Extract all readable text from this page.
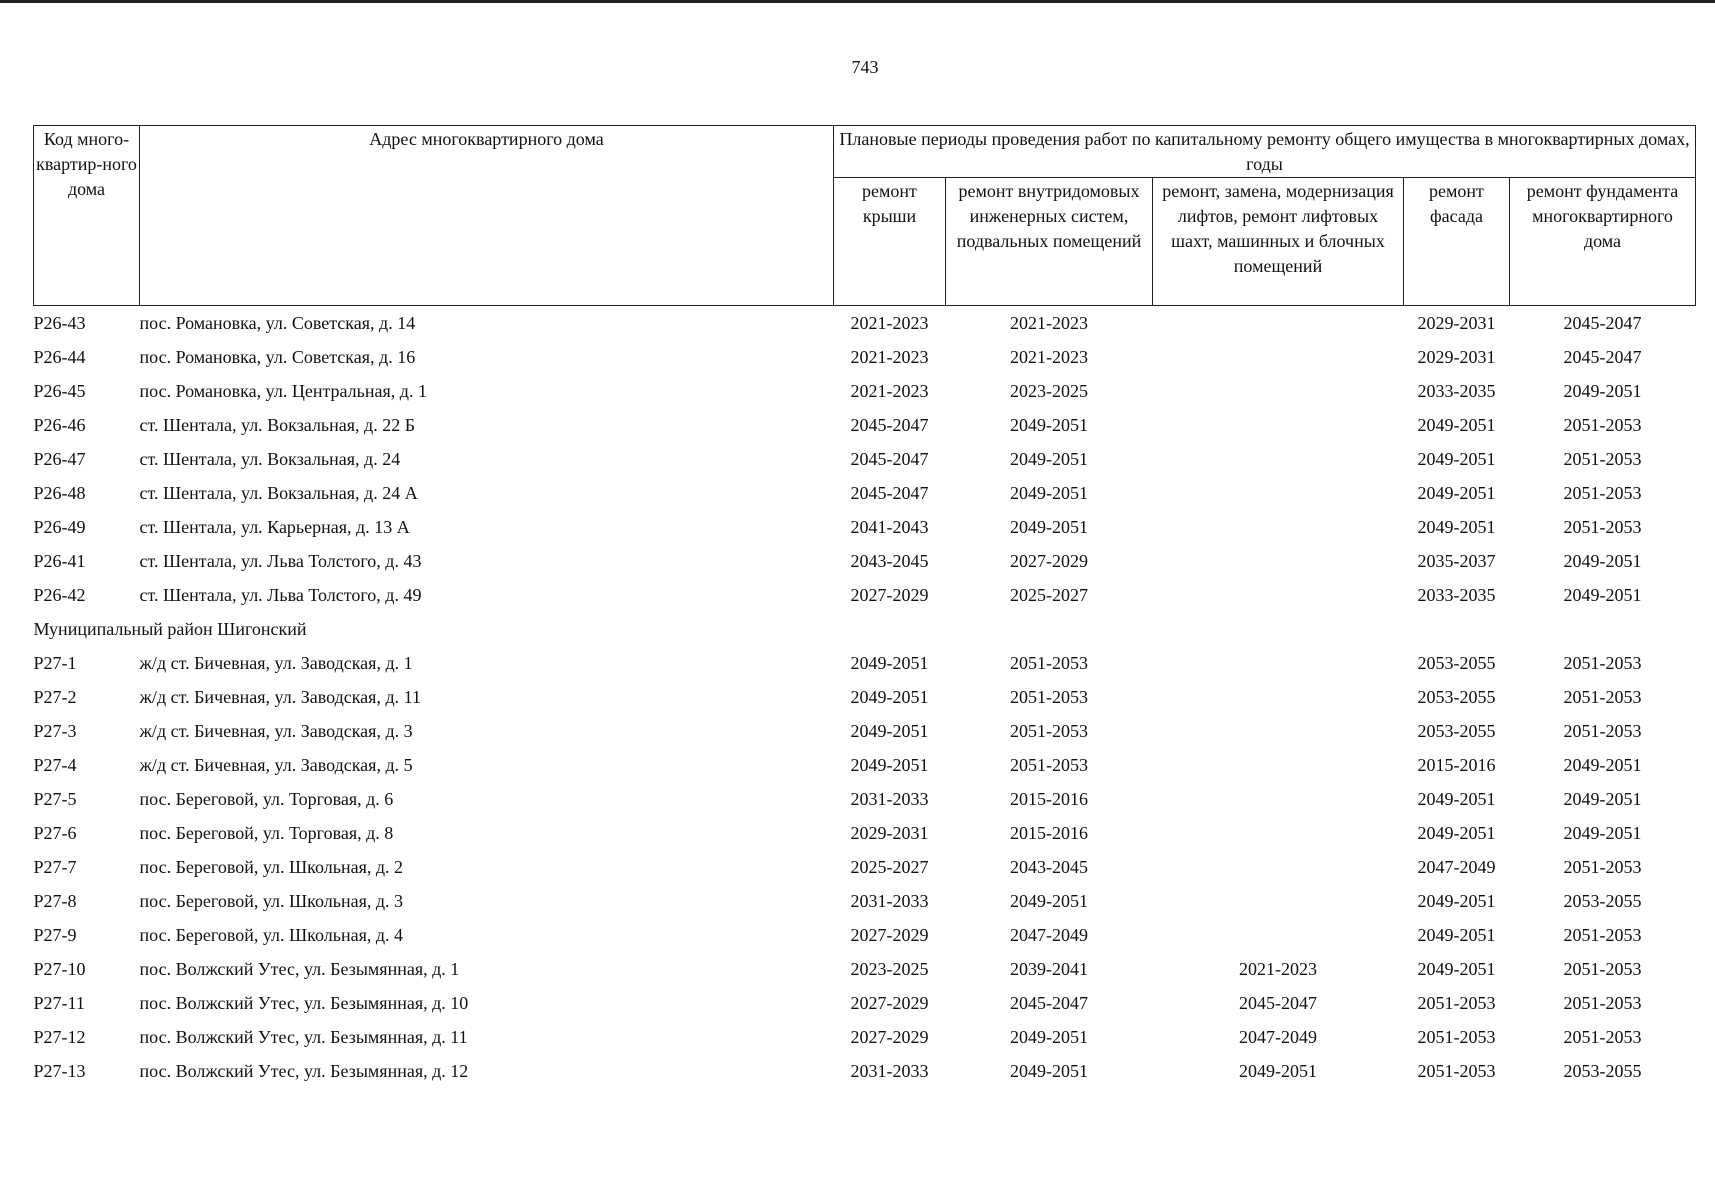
743
Код много-квартир-ного дома	Адрес многоквартирного дома	Плановые периоды проведения работ по капитальному ремонту общего имущества в многоквартирных домах, годы				
		ремонт крыши	ремонт внутридомовых инженерных систем, подвальных помещений	ремонт, замена, модернизация лифтов, ремонт лифтовых шахт, машинных и блочных помещений	ремонт фасада	ремонт фундамента многоквартирного дома
Р26-43	пос. Романовка, ул. Советская, д. 14	2021-2023	2021-2023		2029-2031	2045-2047
Р26-44	пос. Романовка, ул. Советская, д. 16	2021-2023	2021-2023		2029-2031	2045-2047
Р26-45	пос. Романовка, ул. Центральная, д. 1	2021-2023	2023-2025		2033-2035	2049-2051
Р26-46	ст. Шентала, ул. Вокзальная, д. 22 Б	2045-2047	2049-2051		2049-2051	2051-2053
Р26-47	ст. Шентала, ул. Вокзальная, д. 24	2045-2047	2049-2051		2049-2051	2051-2053
Р26-48	ст. Шентала, ул. Вокзальная, д. 24 А	2045-2047	2049-2051		2049-2051	2051-2053
Р26-49	ст. Шентала, ул. Карьерная, д. 13 А	2041-2043	2049-2051		2049-2051	2051-2053
Р26-41	ст. Шентала, ул. Льва Толстого, д. 43	2043-2045	2027-2029		2035-2037	2049-2051
Р26-42	ст. Шентала, ул. Льва Толстого, д. 49	2027-2029	2025-2027		2033-2035	2049-2051
Муниципальный район Шигонский						
Р27-1	ж/д ст. Бичевная, ул. Заводская, д. 1	2049-2051	2051-2053		2053-2055	2051-2053
Р27-2	ж/д ст. Бичевная, ул. Заводская, д. 11	2049-2051	2051-2053		2053-2055	2051-2053
Р27-3	ж/д ст. Бичевная, ул. Заводская, д. 3	2049-2051	2051-2053		2053-2055	2051-2053
Р27-4	ж/д ст. Бичевная, ул. Заводская, д. 5	2049-2051	2051-2053		2015-2016	2049-2051
Р27-5	пос. Береговой, ул. Торговая, д. 6	2031-2033	2015-2016		2049-2051	2049-2051
Р27-6	пос. Береговой, ул. Торговая, д. 8	2029-2031	2015-2016		2049-2051	2049-2051
Р27-7	пос. Береговой, ул. Школьная, д. 2	2025-2027	2043-2045		2047-2049	2051-2053
Р27-8	пос. Береговой, ул. Школьная, д. 3	2031-2033	2049-2051		2049-2051	2053-2055
Р27-9	пос. Береговой, ул. Школьная, д. 4	2027-2029	2047-2049		2049-2051	2051-2053
Р27-10	пос. Волжский Утес, ул. Безымянная, д. 1	2023-2025	2039-2041	2021-2023	2049-2051	2051-2053
Р27-11	пос. Волжский Утес, ул. Безымянная, д. 10	2027-2029	2045-2047	2045-2047	2051-2053	2051-2053
Р27-12	пос. Волжский Утес, ул. Безымянная, д. 11	2027-2029	2049-2051	2047-2049	2051-2053	2051-2053
Р27-13	пос. Волжский Утес, ул. Безымянная, д. 12	2031-2033	2049-2051	2049-2051	2051-2053	2053-2055
